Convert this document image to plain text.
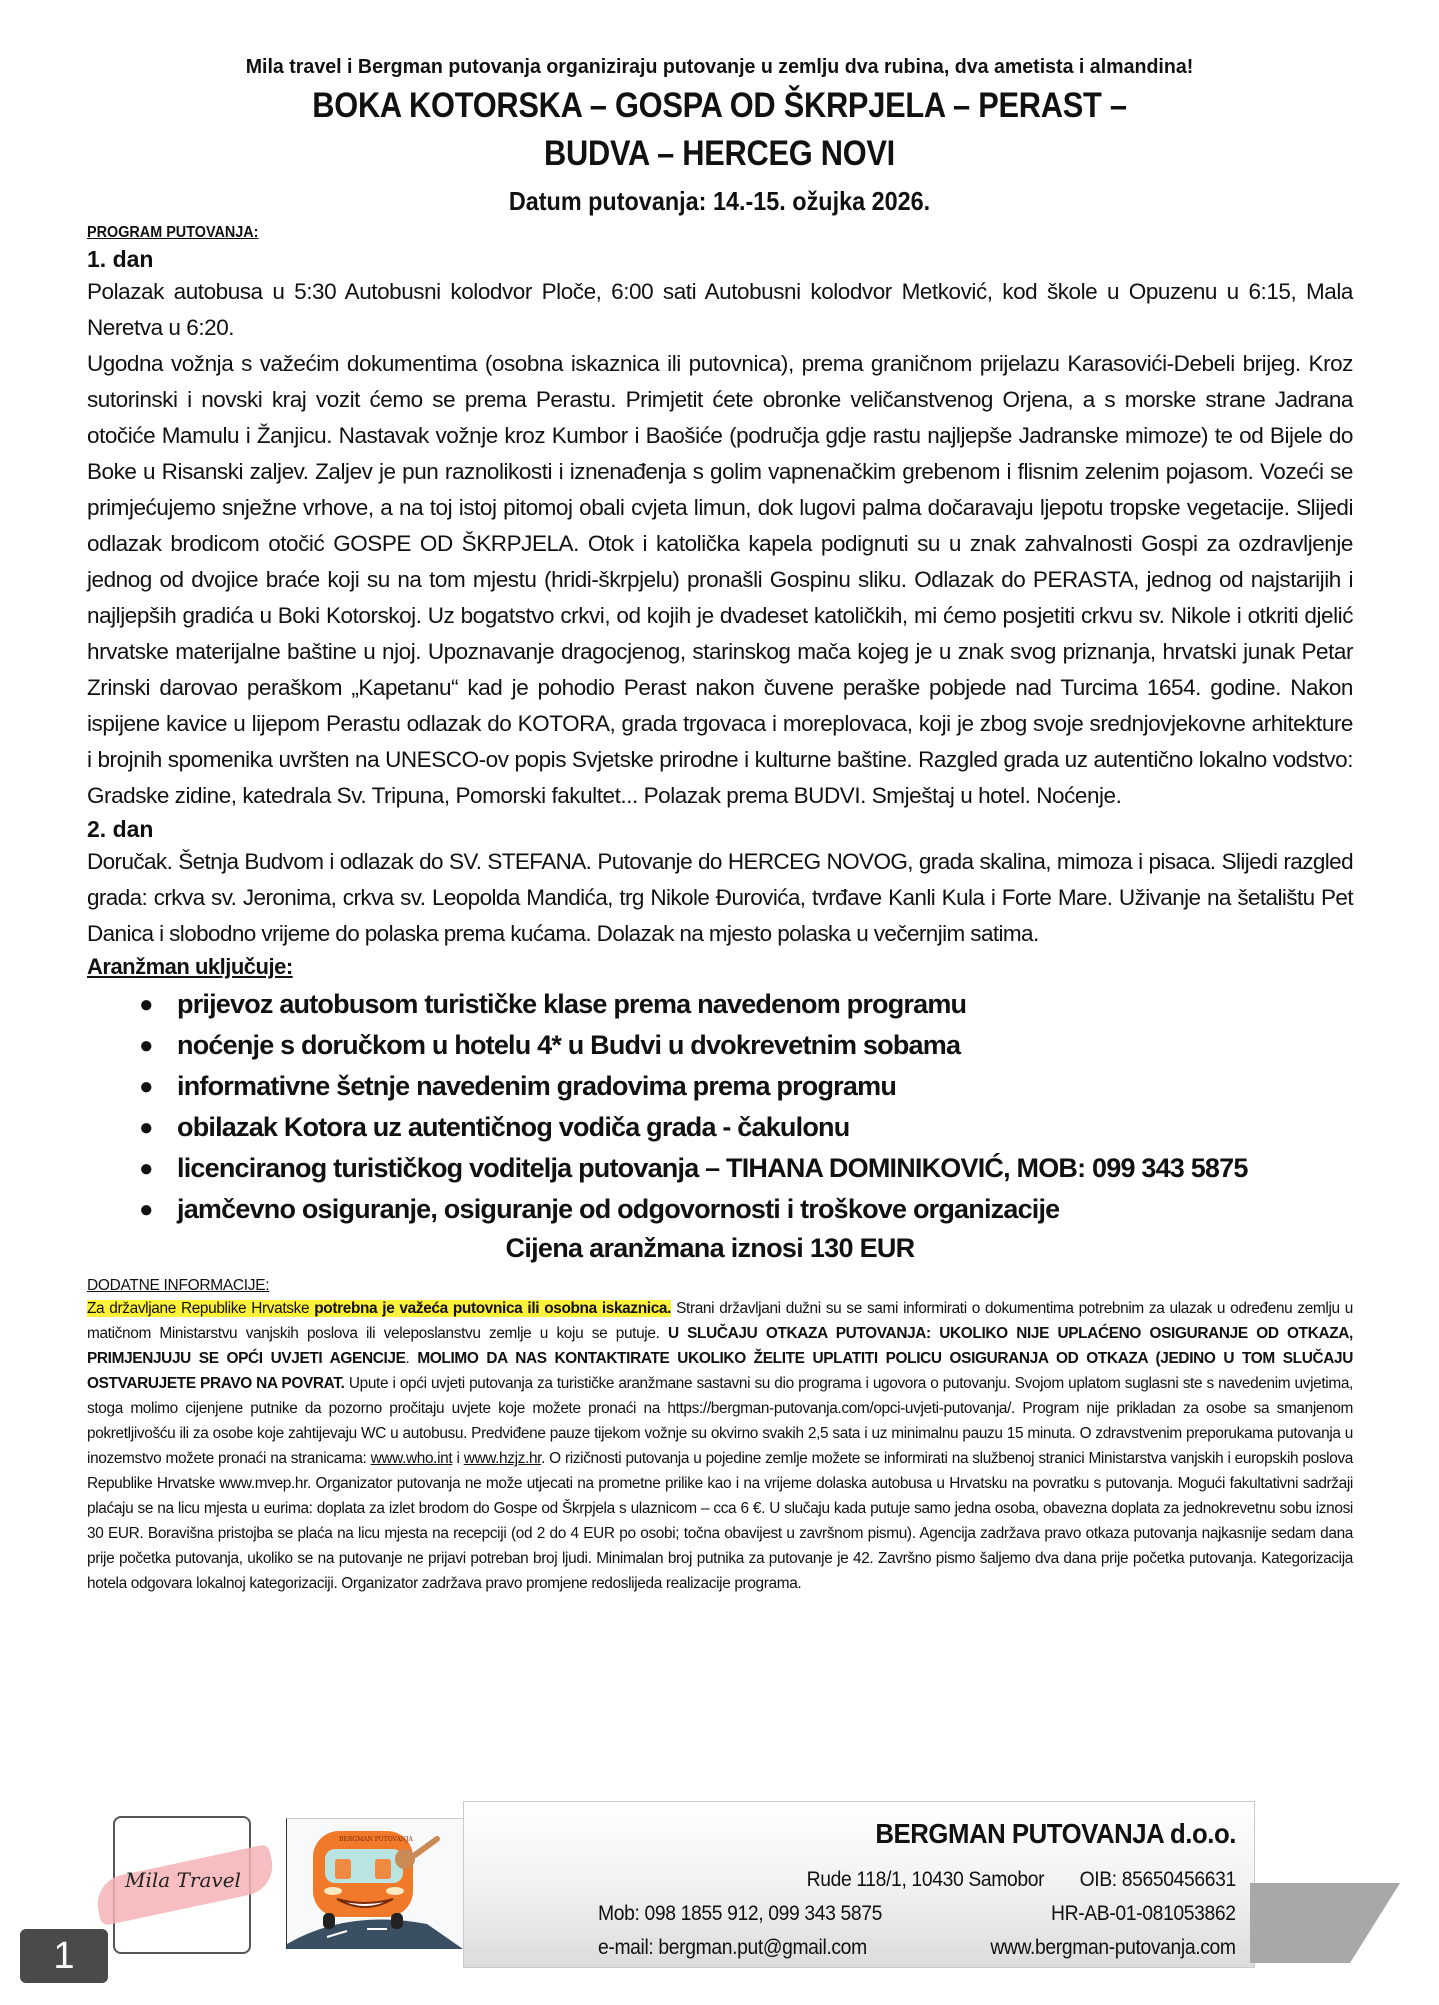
Mila travel i Bergman putovanja organiziraju putovanje u zemlju dva rubina, dva ametista i almandina!
BOKA KOTORSKA – GOSPA OD ŠKRPJELA – PERAST –
BUDVA – HERCEG NOVI
Datum putovanja: 14.-15. ožujka 2026.
PROGRAM PUTOVANJA:

1. dan

Polazak autobusa u 5:30 Autobusni kolodvor Ploče, 6:00 sati Autobusni kolodvor Metković, kod škole u Opuzenu u 6:15, Mala Neretva u 6:20.

Ugodna vožnja s važećim dokumentima (osobna iskaznica ili putovnica), prema graničnom prijelazu Karasovići-Debeli brijeg. Kroz sutorinski i novski kraj vozit ćemo se prema Perastu. Primjetit ćete obronke veličanstvenog Orjena, a s morske strane Jadrana otočiće Mamulu i Žanjicu. Nastavak vožnje kroz Kumbor i Baošiće (područja gdje rastu najljepše Jadranske mimoze) te od Bijele do Boke u Risanski zaljev. Zaljev je pun raznolikosti i iznenađenja s golim vapnenačkim grebenom i flisnim zelenim pojasom. Vozeći se primjećujemo snježne vrhove, a na toj istoj pitomoj obali cvjeta limun, dok lugovi palma dočaravaju ljepotu tropske vegetacije. Slijedi odlazak brodicom otočić GOSPE OD ŠKRPJELA. Otok i katolička kapela podignuti su u znak zahvalnosti Gospi za ozdravljenje jednog od dvojice braće koji su na tom mjestu (hridi-škrpjelu) pronašli Gospinu sliku. Odlazak do PERASTA, jednog od najstarijih i najljepših gradića u Boki Kotorskoj. Uz bogatstvo crkvi, od kojih je dvadeset katoličkih, mi ćemo posjetiti crkvu sv. Nikole i otkriti djelić hrvatske materijalne baštine u njoj. Upoznavanje dragocjenog, starinskog mača kojeg je u znak svog priznanja, hrvatski junak Petar Zrinski darovao peraškom „Kapetanu“ kad je pohodio Perast nakon čuvene peraške pobjede nad Turcima 1654. godine. Nakon ispijene kavice u lijepom Perastu odlazak do KOTORA, grada trgovaca i moreplovaca, koji je zbog svoje srednjovjekovne arhitekture i brojnih spomenika uvršten na UNESCO-ov popis Svjetske prirodne i kulturne baštine. Razgled grada uz autentično lokalno vodstvo: Gradske zidine, katedrala Sv. Tripuna, Pomorski fakultet... Polazak prema BUDVI. Smještaj u hotel. Noćenje.

2. dan

Doručak. Šetnja Budvom i odlazak do SV. STEFANA. Putovanje do HERCEG NOVOG, grada skalina, mimoza i pisaca. Slijedi razgled grada: crkva sv. Jeronima, crkva sv. Leopolda Mandića, trg Nikole Đurovića, tvrđave Kanli Kula i Forte Mare. Uživanje na šetalištu Pet Danica i slobodno vrijeme do polaska prema kućama. Dolazak na mjesto polaska u večernjim satima.

Aranžman uključuje:

● prijevoz autobusom turističke klase prema navedenom programu
● noćenje s doručkom u hotelu 4* u Budvi u dvokrevetnim sobama
● informativne šetnje navedenim gradovima prema programu
● obilazak Kotora uz autentičnog vodiča grada - čakulonu
● licenciranog turističkog voditelja putovanja – TIHANA DOMINIKOVIĆ, MOB: 099 343 5875
● jamčevno osiguranje, osiguranje od odgovornosti i troškove organizacije
Cijena aranžmana iznosi 130 EUR

DODATNE INFORMACIJE:

Za državljane Republike Hrvatske potrebna je važeća putovnica ili osobna iskaznica. Strani državljani dužni su se sami informirati o dokumentima potrebnim za ulazak u određenu zemlju u matičnom Ministarstvu vanjskih poslova ili veleposlanstvu zemlje u koju se putuje. U SLUČAJU OTKAZA PUTOVANJA: UKOLIKO NIJE UPLAĆENO OSIGURANJE OD OTKAZA, PRIMJENJUJU SE OPĆI UVJETI AGENCIJE. MOLIMO DA NAS KONTAKTIRATE UKOLIKO ŽELITE UPLATITI POLICU OSIGURANJA OD OTKAZA (JEDINO U TOM SLUČAJU OSTVARUJETE PRAVO NA POVRAT. Upute i opći uvjeti putovanja za turističke aranžmane sastavni su dio programa i ugovora o putovanju. Svojom uplatom suglasni ste s navedenim uvjetima, stoga molimo cijenjene putnike da pozorno pročitaju uvjete koje možete pronaći na https://bergman-putovanja.com/opci-uvjeti-putovanja/. Program nije prikladan za osobe sa smanjenom pokretljivošću ili za osobe koje zahtijevaju WC u autobusu. Predviđene pauze tijekom vožnje su okvirno svakih 2,5 sata i uz minimalnu pauzu 15 minuta. O zdravstvenim preporukama putovanja u inozemstvo možete pronaći na stranicama: www.who.int i www.hzjz.hr. O rizičnosti putovanja u pojedine zemlje možete se informirati na službenoj stranici Ministarstva vanjskih i europskih poslova Republike Hrvatske www.mvep.hr. Organizator putovanja ne može utjecati na prometne prilike kao i na vrijeme dolaska autobusa u Hrvatsku na povratku s putovanja. Mogući fakultativni sadržaji plaćaju se na licu mjesta u eurima: doplata za izlet brodom do Gospe od Škrpjela s ulaznicom – cca 6 €. U slučaju kada putuje samo jedna osoba, obavezna doplata za jednokrevetnu sobu iznosi 30 EUR. Boravišna pristojba se plaća na licu mjesta na recepciji (od 2 do 4 EUR po osobi; točna obavijest u završnom pismu). Agencija zadržava pravo otkaza putovanja najkasnije sedam dana prije početka putovanja, ukoliko se na putovanje ne prijavi potreban broj ljudi. Minimalan broj putnika za putovanje je 42. Završno pismo šaljemo dva dana prije početka putovanja. Kategorizacija hotela odgovara lokalnoj kategorizaciji. Organizator zadržava pravo promjene redoslijeda realizacije programa.

1
Mila Travel
BERGMAN PUTOVANJA	BERGMAN PUTOVANJA d.o.o.
Rude 118/1, 10430 Samobor OIB: 85650456631
Mob: 098 1855 912, 099 343 5875	HR-AB-01-081053862
e-mail: bergman.put@gmail.com	www.bergman-putovanja.com
